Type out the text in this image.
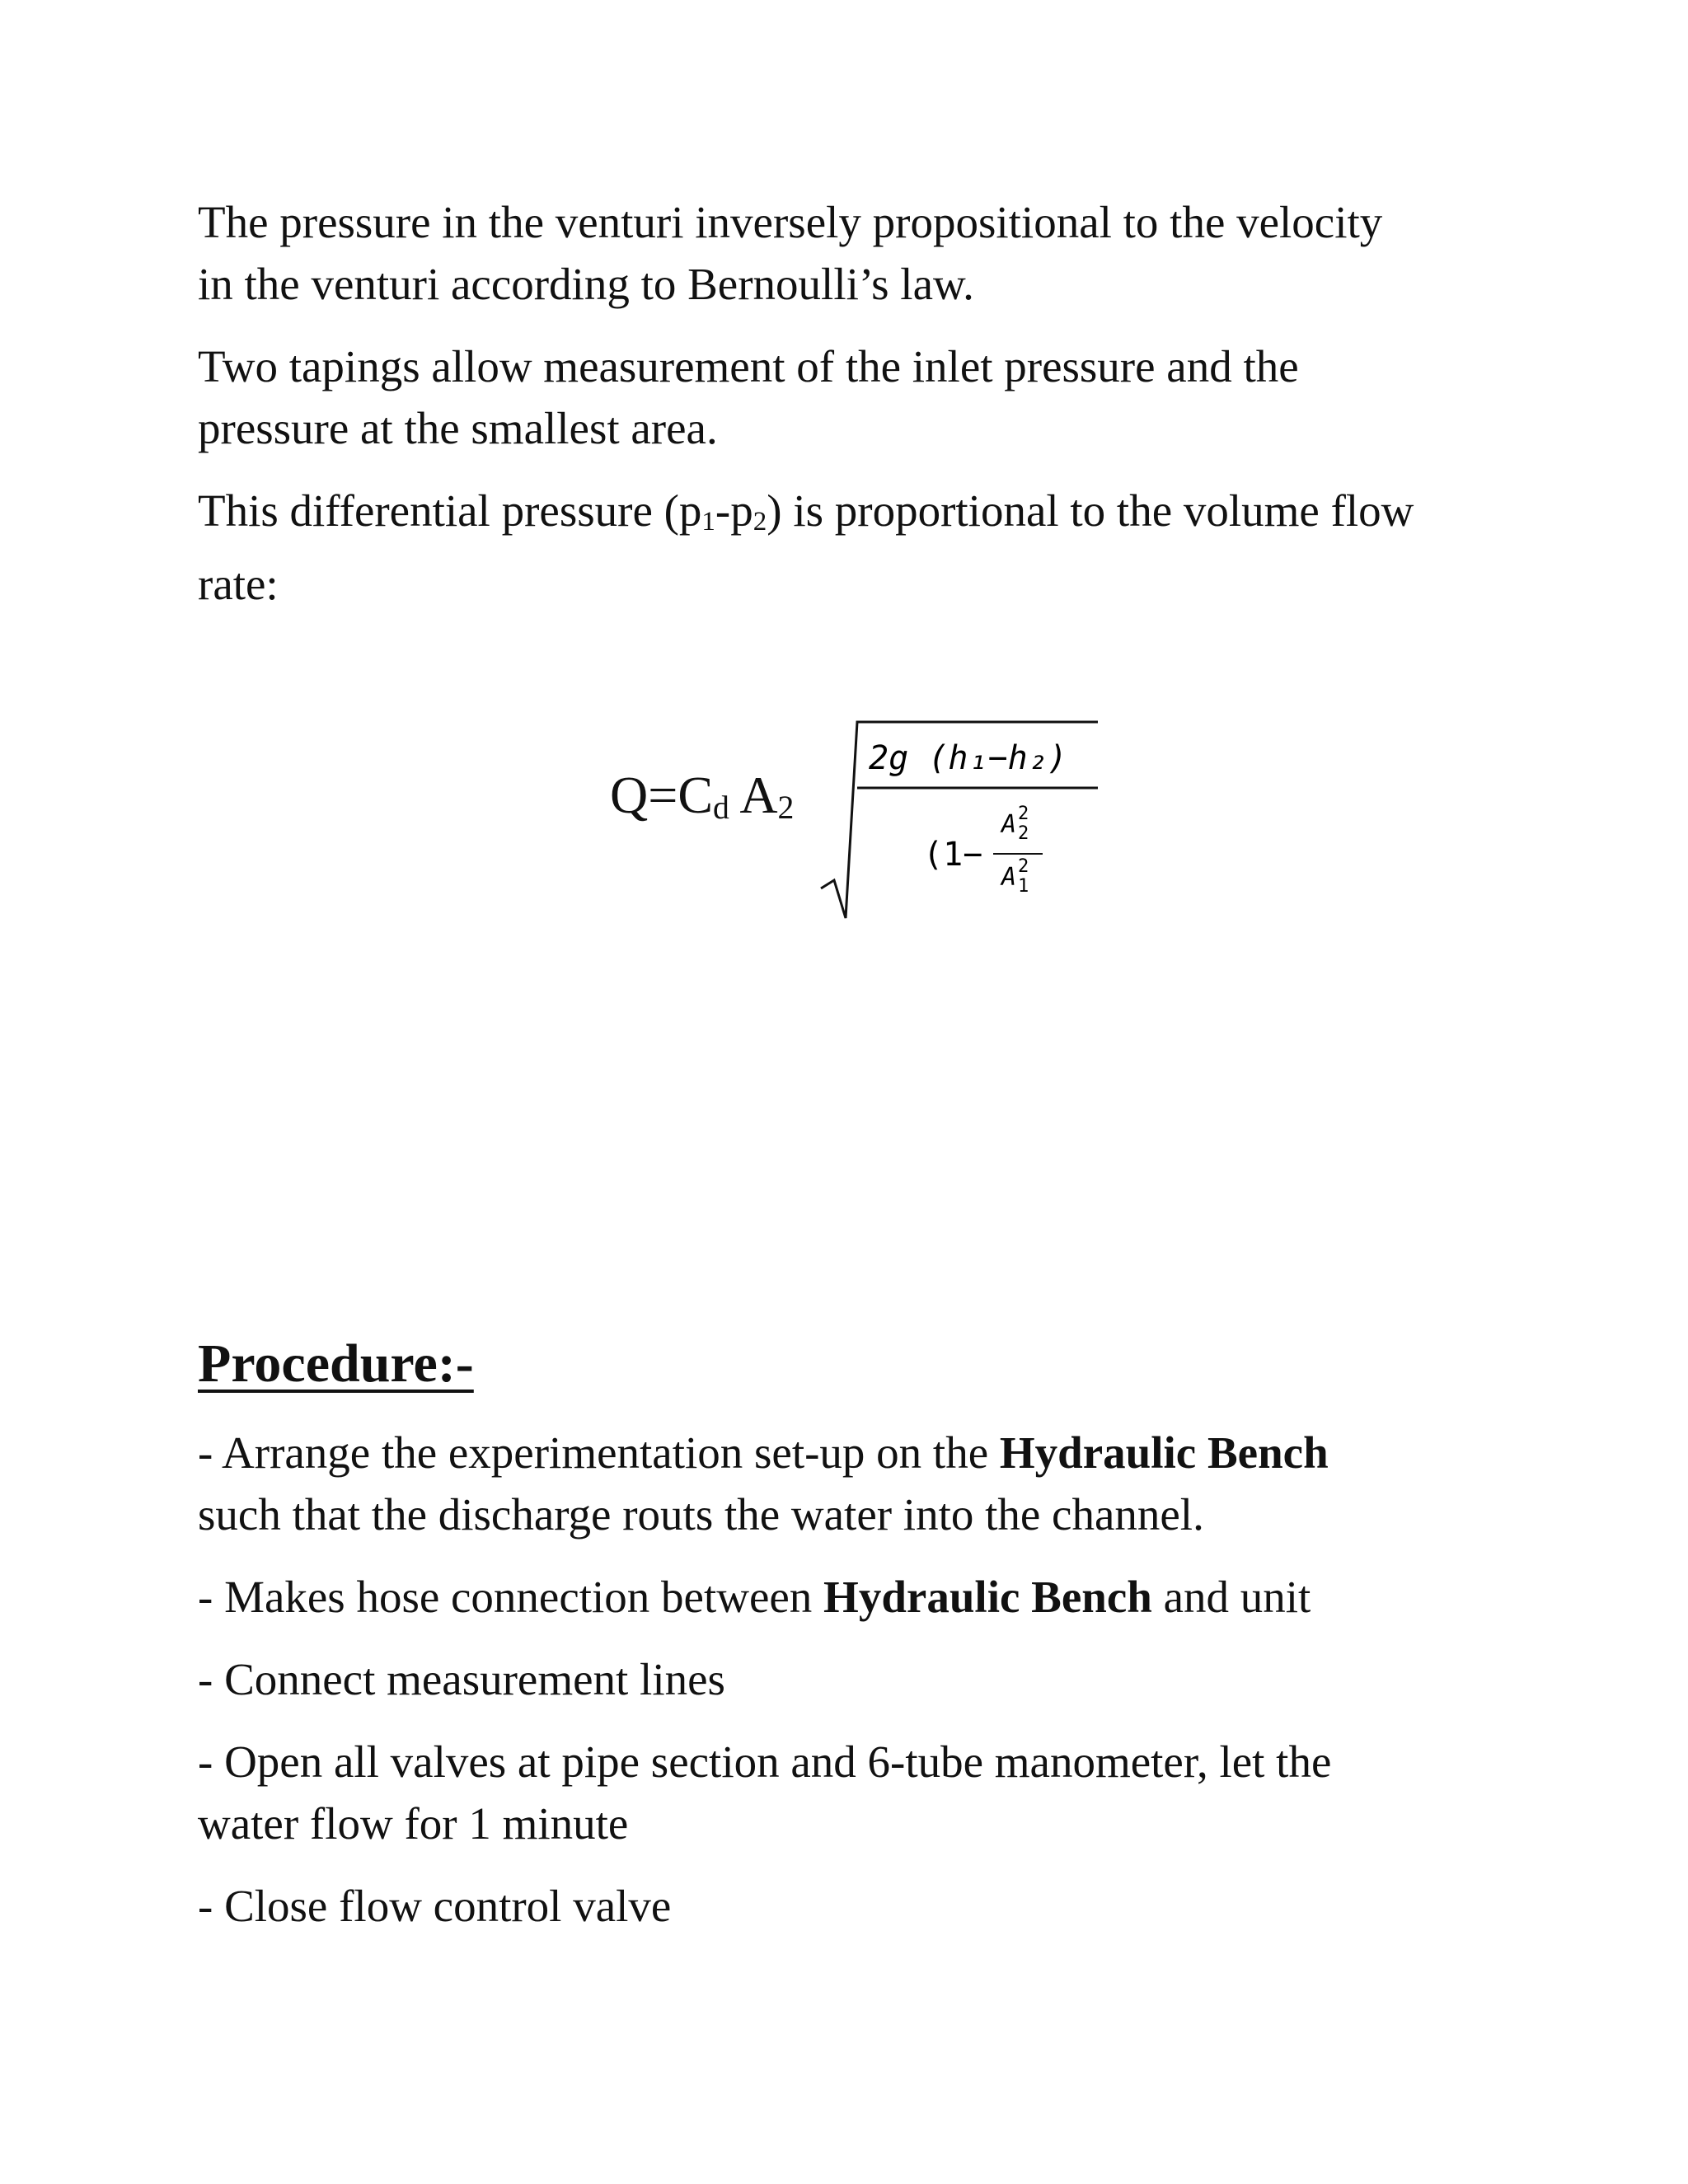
The pressure in the venturi inversely propositional to the velocity
in the venturi according to Bernoulli’s law.

Two tapings allow measurement of the inlet pressure and the
pressure at the smallest area.

This differential pressure $(p_1-p_2)$ is proportional to the volume flow
rate:

Q=Cd A2
2g (h₁−h₂)
(1−
A 2
2
A 2
1
Procedure:-

- Arrange the experimentation set-up on the Hydraulic Bench
such that the discharge routs the water into the channel.

- Makes hose connection between Hydraulic Bench and unit

- Connect measurement lines

- Open all valves at pipe section and 6-tube manometer, let the
water flow for 1 minute

- Close flow control valve
